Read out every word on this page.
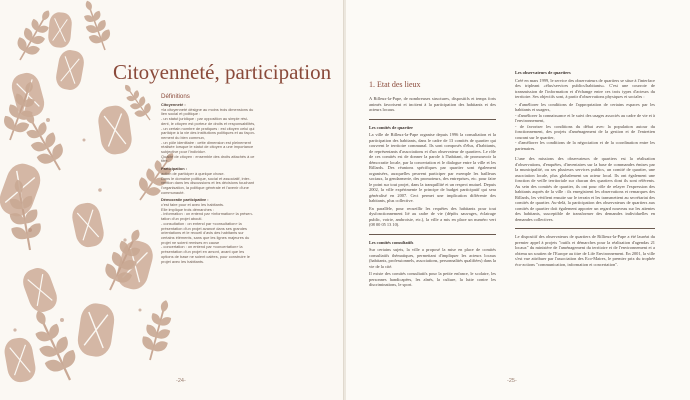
Citoyenneté, participation

Définitions

Citoyenneté :

«la citoyenneté désigne au moins trois dimensions du

lien social et politique :

- un statut juridique : par opposition au simple rési-

dent, le citoyen est porteur de droits et responsabilités,

- un certain nombre de pratiques : est citoyen celui qui

participe à la vie des institutions politiques et au façon-

nement du bien commun,

- un pôle identitaire : cette dimension est pleinement

réalisée lorsque le statut de citoyen a une importance

subjective pour l'individu».

Qualité de citoyen : ensemble des droits attachés à ce

titre.

Participation :

action de participer à quelque chose.

Dans le domaine politique, social et associatif, inter-

vention dans les discussions et les décisions touchant

l'organisation, la politique générale et l'avenir d'une

communauté.

Démocratie participative :

c'est faire pour et avec les habitants.

Elle implique trois démarches :

- information : on entend par «information» la présen-

tation d'un projet abouti.

- consultation : on entend par «consultation» la

présentation d'un projet avancé dans ses grandes

orientations et le recueil d'avis des habitants sur

certains éléments, sans que les lignes majeures du

projet ne soient remises en cause

- concertation : on entend par «concertation» la

présentation d'un projet en amont, avant que les

options de base ne soient calées, pour construire le

projet avec les habitants.

-24-

1. Etat des lieux

A Rilleux-la-Pape, de nombreuses structures, dispositifs et temps forts animés favorisent et incitent à la participation des habitants et des acteurs locaux.

Les comités de quartier

La ville de Rilleux-la-Pape organise depuis 1996 la consultation et la participation des habitants, dans le cadre de 13 comités de quartier qui couvrent le territoire communal. Ils sont composés d'élus, d'habitants, de représentants d'associations et d'un observateur de quartiers. Le rôle de ces comités est de donner la parole à l'habitant, de promouvoir la démocratie locale, par la concertation et le dialogue entre la ville et les Rillards. Des réunions spécifiques par quartier sont également organisées, auxquelles peuvent participer par exemple les bailleurs sociaux, la gendarmerie, des promoteurs, des entreprises, etc. pour faire le point sur tout projet, dans la tranquillité et un respect mutuel. Depuis 2002, la ville expérimente le principe de budget participatif qui sera généralisé en 2007. Ceci permet une implication différente des habitants, plus collective.

En parallèle, pour recueillir les requêtes des habitants pour tout dysfonctionnement lié au cadre de vie (dépôts sauvages, éclairage public, voirie, ambroisie, etc.), la ville a mis en place un numéro vert (08 00 05 13 10).

Les comités consultatifs

Sur certains sujets, la ville a proposé la mise en place de comités consultatifs thématiques, permettant d'impliquer les acteurs locaux (habitants, professionnels, associations, personnalités qualifiées) dans la vie de la cité.

Il existe des comités consultatifs pour la petite enfance, le scolaire, les personnes handicapées, les aînés, la culture, la lutte contre les discriminations, le sport.

Les observateurs de quartiers

Créé en mars 1999, le service des observateurs de quartiers se situe à l'interface des tripleant «élus/services publics/habitants». C'est une courroie de transmission de l'information et d'échange entre ces trois types d'acteurs du territoire. Ses objectifs sont, à partir d'observations physiques et sociales :

- d'améliorer les conditions de l'appropriation de certains espaces par les habitants et usagers,

- d'améliorer la connaissance et le suivi des usages associés au cadre de vie et à l'environnement,

- de favoriser les conditions du débat avec la population autour du fonctionnement, des projets d'aménagement de la gestion et de l'entretien courant sur le quartier,

- d'améliorer les conditions de la négociation et de la coordination entre les partenaires.

L'une des missions des observateurs de quartiers est la réalisation d'observations, d'enquêtes, d'inventaires sur la base de commandes émises par la municipalité, ou ses plusieurs services publics, un comité de quartier, une association locale, plus globalement un acteur local. Ils ont également une fonction de veille territoriale sur chacun des quartiers dont ils sont référents. Au sein des comités de quartier, ils ont pour rôle de relayer l'expression des habitants auprès de la ville : ils enregistrent les observations et remarques des Rillards, les vérifient ensuite sur le terrain et les transmettent au secrétariat des comités de quartier. Au-delà, la participation des observateurs de quartiers aux comités de quartier doit également apporter un regard nouveau sur les attentes des habitants, susceptible de transformer des demandes individuelles en demandes collectives.

Le dispositif des observateurs de quartiers de Rillieux-la-Pape a été lauréat du premier appel à projets "outils et démarches pour la réalisation d'agendas 21 locaux" du ministère de l'aménagement du territoire et de l'environnement et a obtenu un soutien de l'Europe au titre de Life Environnement. En 2001, la ville s'est vue attribuer par l'association des Eco-Maires, le premier prix du trophée éco-actions "communication, information et concertation".

-25-
